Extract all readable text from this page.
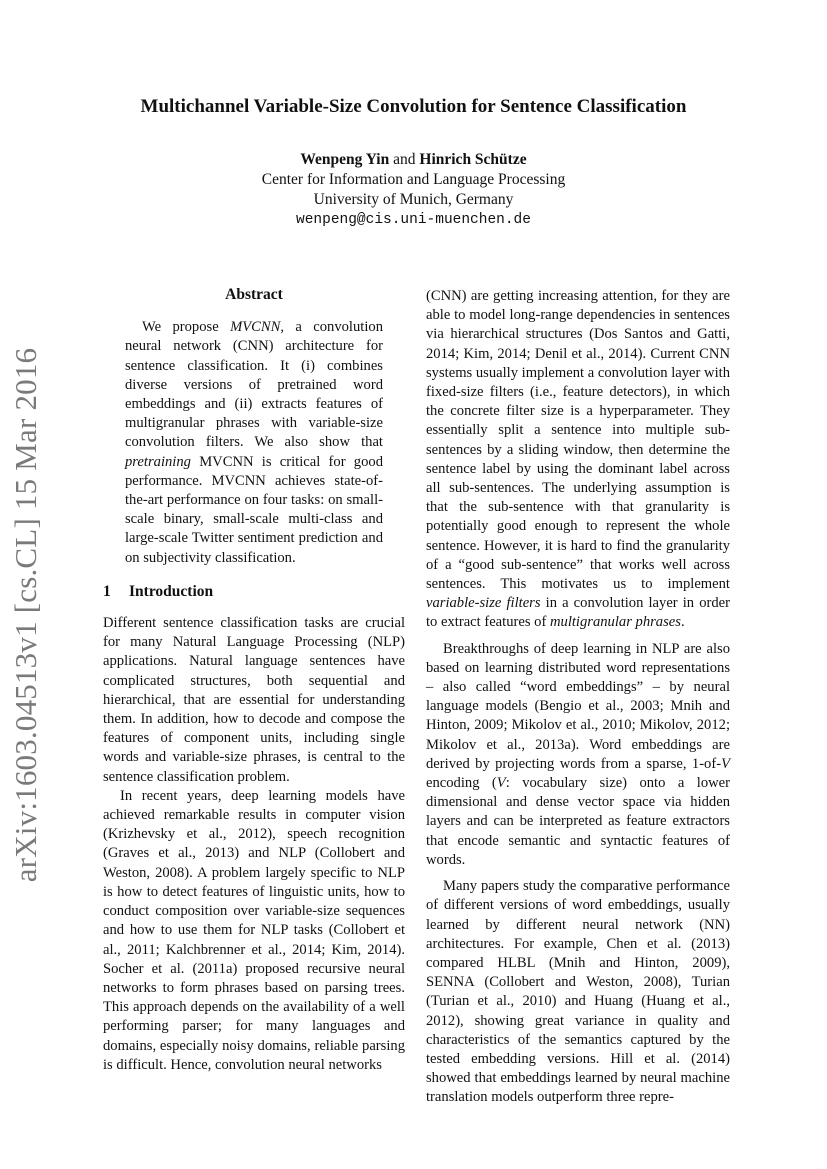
arXiv:1603.04513v1 [cs.CL] 15 Mar 2016
Multichannel Variable-Size Convolution for Sentence Classification
Wenpeng Yin and Hinrich Schütze
Center for Information and Language Processing
University of Munich, Germany
wenpeng@cis.uni-muenchen.de
Abstract

We propose MVCNN, a convolution neural network (CNN) architecture for sentence classification. It (i) combines diverse versions of pretrained word embeddings and (ii) extracts features of multigranular phrases with variable-size convolution filters. We also show that pretraining MVCNN is critical for good performance. MVCNN achieves state-of-the-art performance on four tasks: on small-scale binary, small-scale multi-class and large-scale Twitter sentiment prediction and on subjectivity classification.

1 Introduction

Different sentence classification tasks are crucial for many Natural Language Processing (NLP) applications. Natural language sentences have complicated structures, both sequential and hierarchical, that are essential for understanding them. In addition, how to decode and compose the features of component units, including single words and variable-size phrases, is central to the sentence classification problem.

In recent years, deep learning models have achieved remarkable results in computer vision (Krizhevsky et al., 2012), speech recognition (Graves et al., 2013) and NLP (Collobert and Weston, 2008). A problem largely specific to NLP is how to detect features of linguistic units, how to conduct composition over variable-size sequences and how to use them for NLP tasks (Collobert et al., 2011; Kalchbrenner et al., 2014; Kim, 2014). Socher et al. (2011a) proposed recursive neural networks to form phrases based on parsing trees. This approach depends on the availability of a well performing parser; for many languages and domains, especially noisy domains, reliable parsing is difficult. Hence, convolution neural networks

(CNN) are getting increasing attention, for they are able to model long-range dependencies in sentences via hierarchical structures (Dos Santos and Gatti, 2014; Kim, 2014; Denil et al., 2014). Current CNN systems usually implement a convolution layer with fixed-size filters (i.e., feature detectors), in which the concrete filter size is a hyperparameter. They essentially split a sentence into multiple sub-sentences by a sliding window, then determine the sentence label by using the dominant label across all sub-sentences. The underlying assumption is that the sub-sentence with that granularity is potentially good enough to represent the whole sentence. However, it is hard to find the granularity of a “good sub-sentence” that works well across sentences. This motivates us to implement variable-size filters in a convolution layer in order to extract features of multigranular phrases.

Breakthroughs of deep learning in NLP are also based on learning distributed word representations – also called “word embeddings” – by neural language models (Bengio et al., 2003; Mnih and Hinton, 2009; Mikolov et al., 2010; Mikolov, 2012; Mikolov et al., 2013a). Word embeddings are derived by projecting words from a sparse, 1-of-V encoding (V: vocabulary size) onto a lower dimensional and dense vector space via hidden layers and can be interpreted as feature extractors that encode semantic and syntactic features of words.

Many papers study the comparative performance of different versions of word embeddings, usually learned by different neural network (NN) architectures. For example, Chen et al. (2013) compared HLBL (Mnih and Hinton, 2009), SENNA (Collobert and Weston, 2008), Turian (Turian et al., 2010) and Huang (Huang et al., 2012), showing great variance in quality and characteristics of the semantics captured by the tested embedding versions. Hill et al. (2014) showed that embeddings learned by neural machine translation models outperform three repre-
